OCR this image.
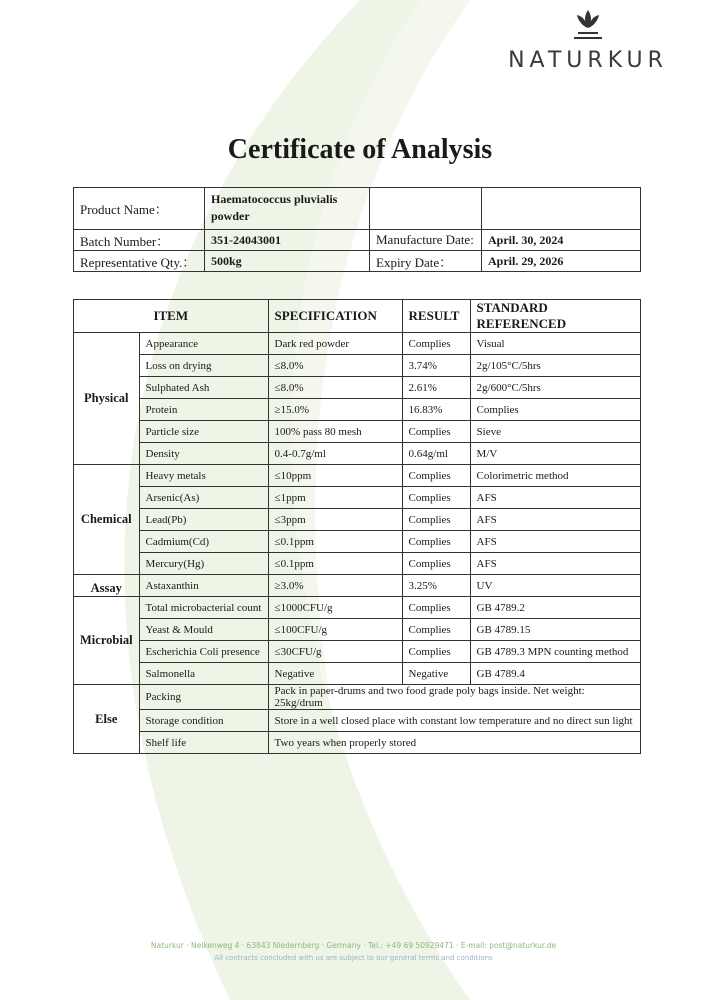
NATURKUR
Certificate of Analysis
Product Name：	Haematococcus pluvialis
powder		
Batch Number：	351-24043001	Manufacture Date:	April. 30, 2024
Representative Qty.：	500kg	Expiry Date：	April. 29, 2026
ITEM		SPECIFICATION	RESULT	STANDARD REFERENCED
Physical	Appearance	Dark red powder	Complies	Visual
	Loss on drying	≤8.0%	3.74%	2g/105°C/5hrs
	Sulphated Ash	≤8.0%	2.61%	2g/600°C/5hrs
	Protein	≥15.0%	16.83%	Complies
	Particle size	100% pass 80 mesh	Complies	Sieve
	Density	0.4-0.7g/ml	0.64g/ml	M/V
Chemical	Heavy metals	≤10ppm	Complies	Colorimetric method
	Arsenic(As)	≤1ppm	Complies	AFS
	Lead(Pb)	≤3ppm	Complies	AFS
	Cadmium(Cd)	≤0.1ppm	Complies	AFS
	Mercury(Hg)	≤0.1ppm	Complies	AFS
Assay	Astaxanthin	≥3.0%	3.25%	UV
Microbial	Total microbacterial count	≤1000CFU/g	Complies	GB 4789.2
	Yeast & Mould	≤100CFU/g	Complies	GB 4789.15
	Escherichia Coli presence	≤30CFU/g	Complies	GB 4789.3 MPN counting method
	Salmonella	Negative	Negative	GB 4789.4
Else	Packing	Pack in paper-drums and two food grade poly bags inside. Net weight: 25kg/drum		
	Storage condition	Store in a well closed place with constant low temperature and no direct sun light		
	Shelf life	Two years when properly stored		
Naturkur · Nelkenweg 4 · 63843 Niedernberg · Germany · Tel.: +49 69 50929471 · E-mail: post@naturkur.de
All contracts concluded with us are subject to our general terms and conditions
